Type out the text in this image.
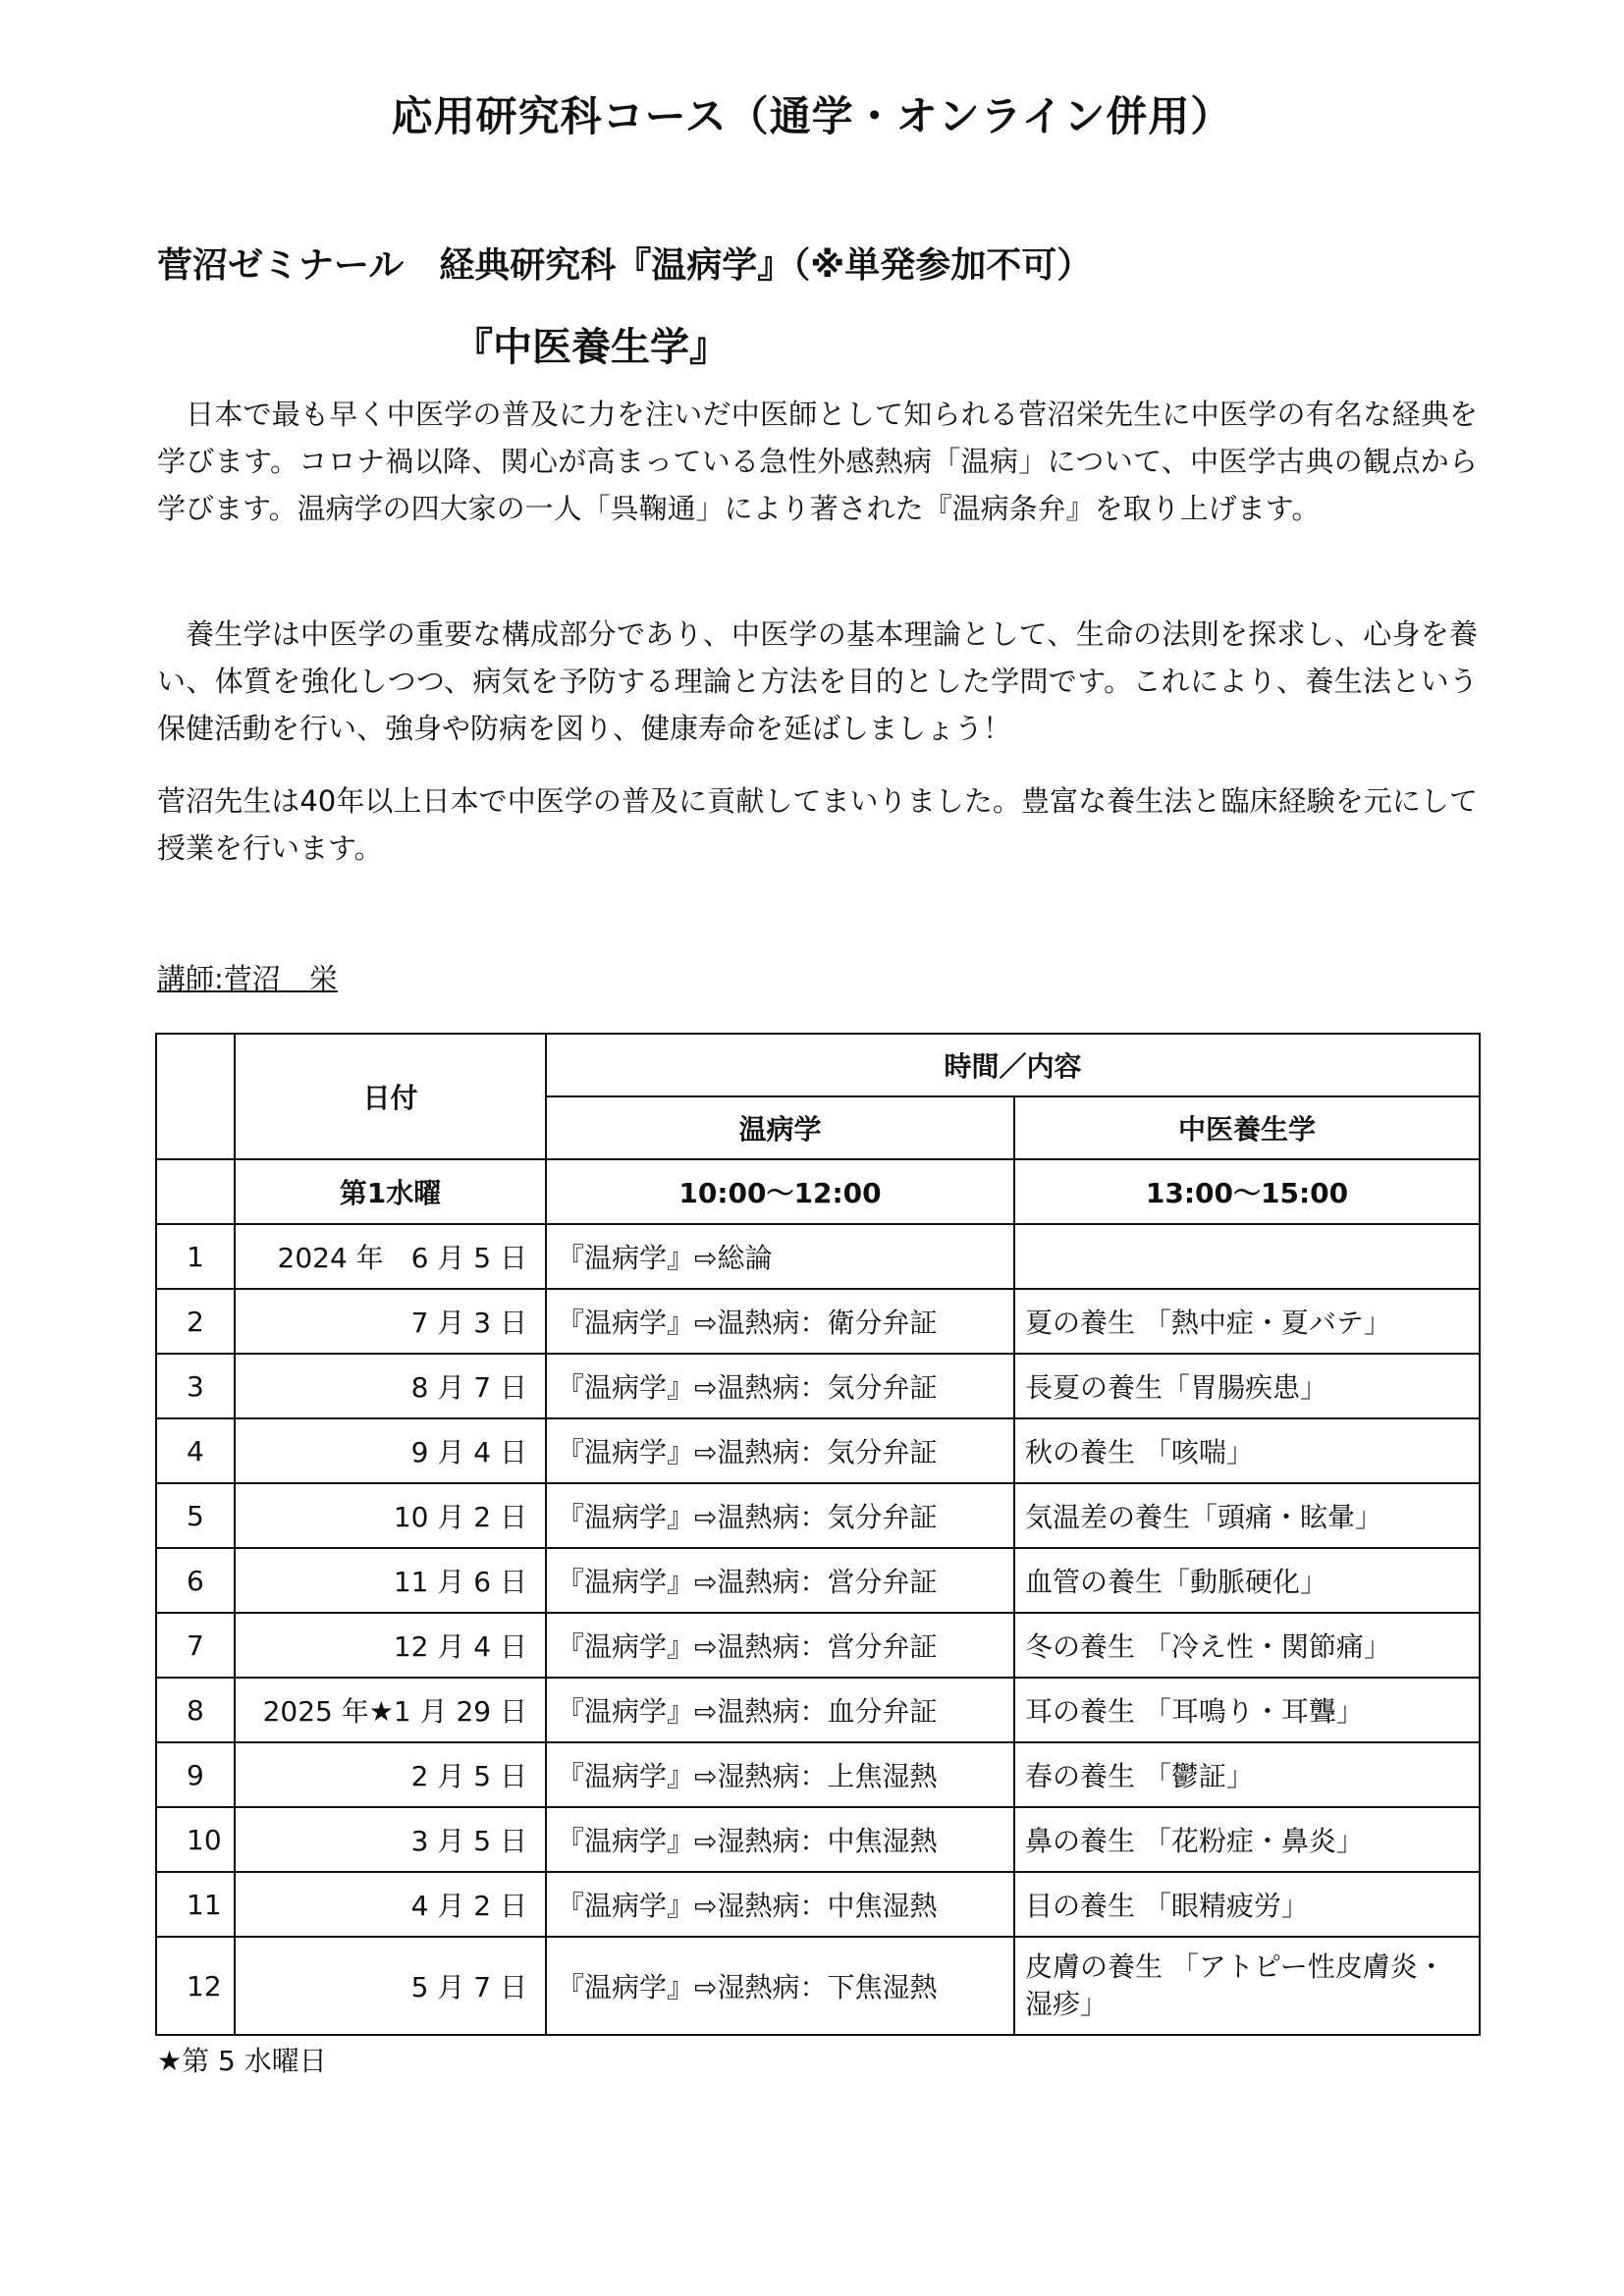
応用研究科コース（通学・オンライン併用）
菅沼ゼミナール　経典研究科『温病学』（※単発参加不可）
『中医養生学』

日本で最も早く中医学の普及に力を注いだ中医師として知られる菅沼栄先生に中医学の有名な経典を学びます。コロナ禍以降、関心が高まっている急性外感熱病「温病」について、中医学古典の観点から学びます。温病学の四大家の一人「呉鞠通」により著された『温病条弁』を取り上げます。

養生学は中医学の重要な構成部分であり、中医学の基本理論として、生命の法則を探求し、心身を養い、体質を強化しつつ、病気を予防する理論と方法を目的とした学問です。これにより、養生法という保健活動を行い、強身や防病を図り、健康寿命を延ばしましょう！

菅沼先生は40年以上日本で中医学の普及に貢献してまいりました。豊富な養生法と臨床経験を元にして授業を行います。

講師:菅沼　栄

	日付	時間／内容	
		温病学	中医養生学
	第1水曜	10:00～12:00	13:00～15:00
1	2024 年　6 月 5 日	『温病学』⇨総論	
2	7 月 3 日	『温病学』⇨温熱病：衛分弁証	夏の養生 「熱中症・夏バテ」
3	8 月 7 日	『温病学』⇨温熱病：気分弁証	長夏の養生「胃腸疾患」
4	9 月 4 日	『温病学』⇨温熱病：気分弁証	秋の養生 「咳喘」
5	10 月 2 日	『温病学』⇨温熱病：気分弁証	気温差の養生「頭痛・眩暈」
6	11 月 6 日	『温病学』⇨温熱病：営分弁証	血管の養生「動脈硬化」
7	12 月 4 日	『温病学』⇨温熱病：営分弁証	冬の養生 「冷え性・関節痛」
8	2025 年★1 月 29 日	『温病学』⇨温熱病：血分弁証	耳の養生 「耳鳴り・耳聾」
9	2 月 5 日	『温病学』⇨湿熱病：上焦湿熱	春の養生 「鬱証」
10	3 月 5 日	『温病学』⇨湿熱病：中焦湿熱	鼻の養生 「花粉症・鼻炎」
11	4 月 2 日	『温病学』⇨湿熱病：中焦湿熱	目の養生 「眼精疲労」
12	5 月 7 日	『温病学』⇨湿熱病：下焦湿熱	皮膚の養生 「アトピー性皮膚炎・湿疹」

★第 5 水曜日
